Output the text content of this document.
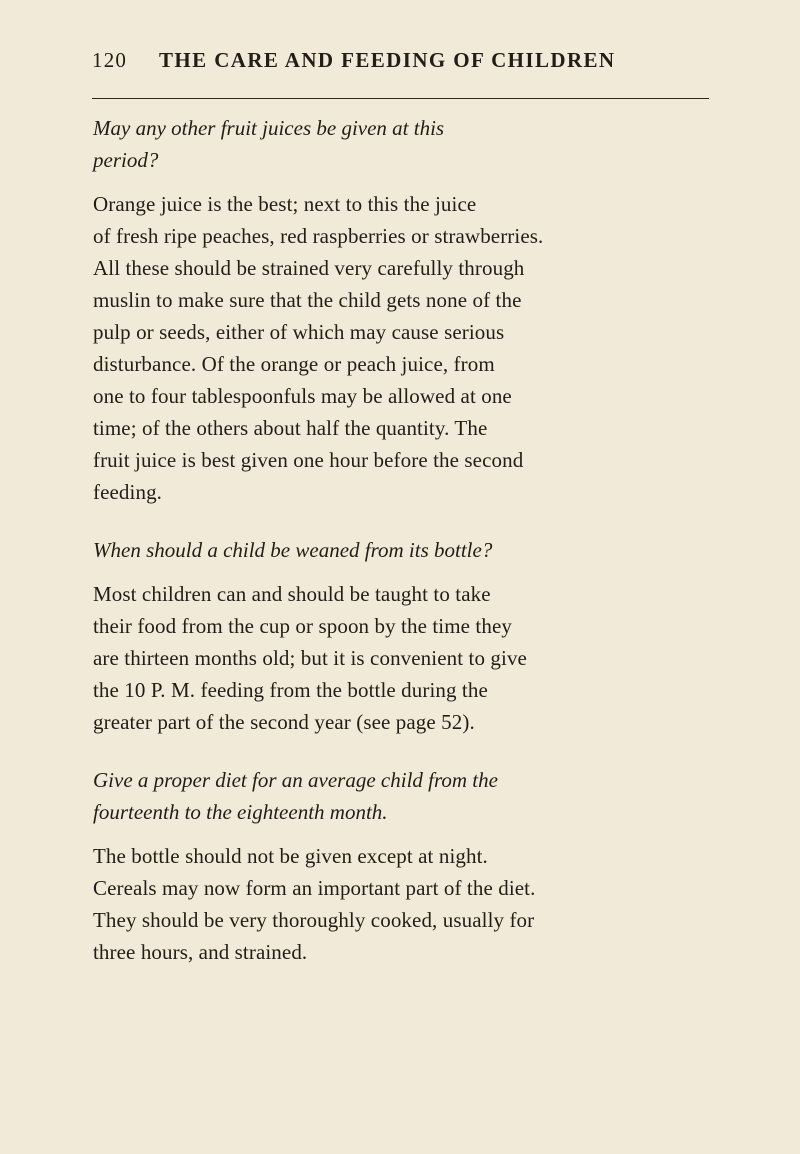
120 THE CARE AND FEEDING OF CHILDREN
May any other fruit juices be given at this
period?
Orange juice is the best; next to this the juice
of fresh ripe peaches, red raspberries or strawberries.
All these should be strained very carefully through
muslin to make sure that the child gets none of the
pulp or seeds, either of which may cause serious
disturbance. Of the orange or peach juice, from
one to four tablespoonfuls may be allowed at one
time; of the others about half the quantity. The
fruit juice is best given one hour before the second
feeding.
When should a child be weaned from its bottle?
Most children can and should be taught to take
their food from the cup or spoon by the time they
are thirteen months old; but it is convenient to give
the 10 P. M. feeding from the bottle during the
greater part of the second year (see page 52).
Give a proper diet for an average child from the
fourteenth to the eighteenth month.
The bottle should not be given except at night.
Cereals may now form an important part of the diet.
They should be very thoroughly cooked, usually for
three hours, and strained.
